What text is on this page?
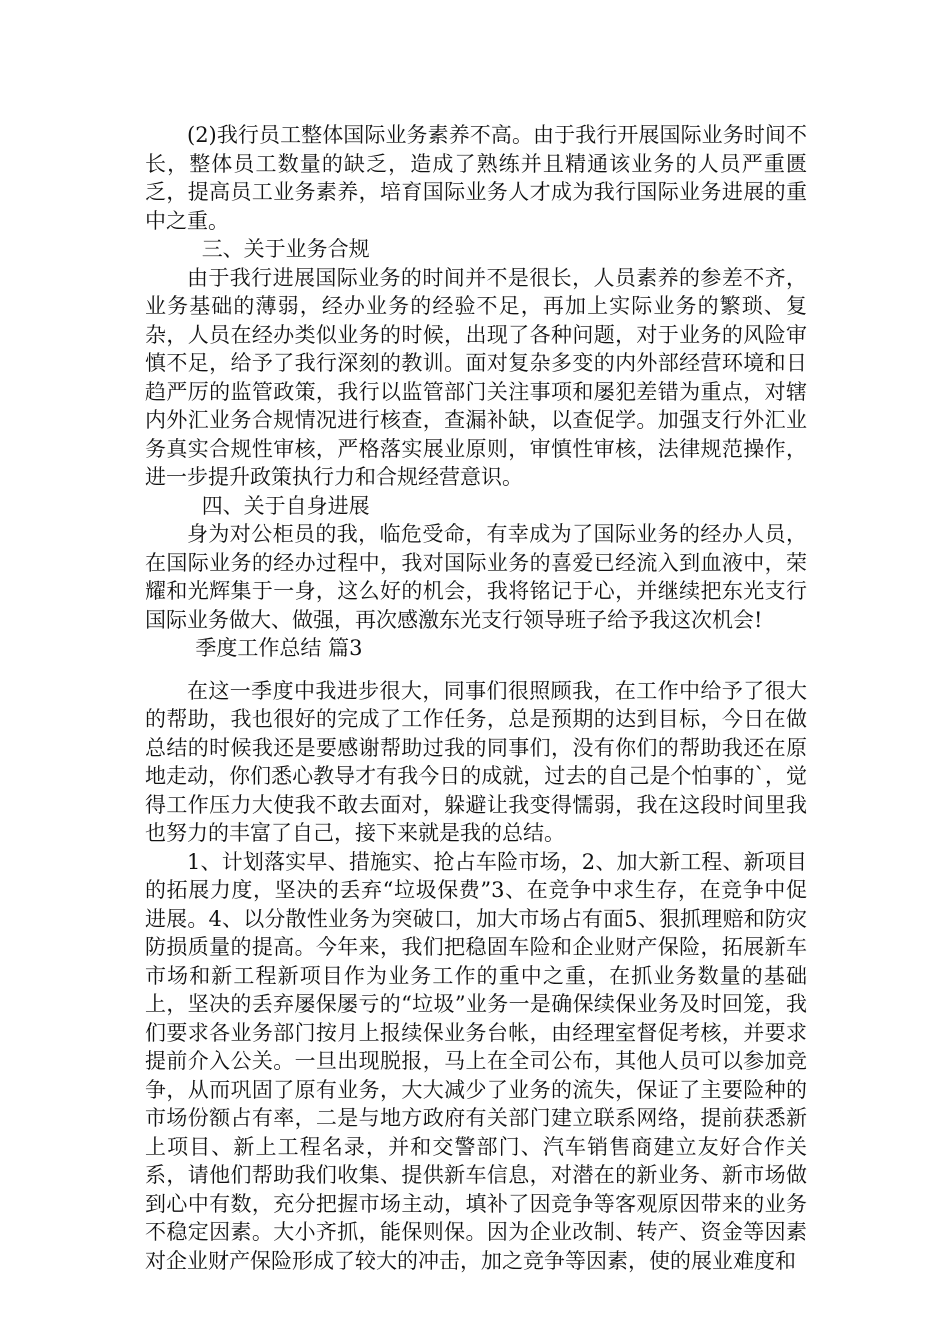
(2)我行员工整体国际业务素养不高。由于我行开展国际业务时间不长，整体员工数量的缺乏，造成了熟练并且精通该业务的人员严重匮乏，提高员工业务素养，培育国际业务人才成为我行国际业务进展的重中之重。

三、关于业务合规

由于我行进展国际业务的时间并不是很长，人员素养的参差不齐，业务基础的薄弱，经办业务的经验不足，再加上实际业务的繁琐、复杂，人员在经办类似业务的时候，出现了各种问题，对于业务的风险审慎不足，给予了我行深刻的教训。面对复杂多变的内外部经营环境和日趋严厉的监管政策，我行以监管部门关注事项和屡犯差错为重点，对辖内外汇业务合规情况进行核查，查漏补缺，以查促学。加强支行外汇业务真实合规性审核，严格落实展业原则，审慎性审核，法律规范操作，进一步提升政策执行力和合规经营意识。

四、关于自身进展

身为对公柜员的我，临危受命，有幸成为了国际业务的经办人员，在国际业务的经办过程中，我对国际业务的喜爱已经流入到血液中，荣耀和光辉集于一身，这么好的机会，我将铭记于心，并继续把东光支行国际业务做大、做强，再次感激东光支行领导班子给予我这次机会!

季度工作总结 篇3

在这一季度中我进步很大，同事们很照顾我，在工作中给予了很大的帮助，我也很好的完成了工作任务，总是预期的达到目标，今日在做总结的时候我还是要感谢帮助过我的同事们，没有你们的帮助我还在原地走动，你们悉心教导才有我今日的成就，过去的自己是个怕事的`，觉得工作压力大使我不敢去面对，躲避让我变得懦弱，我在这段时间里我也努力的丰富了自己，接下来就是我的总结。

1、计划落实早、措施实、抢占车险市场，2、加大新工程、新项目的拓展力度，坚决的丢弃“垃圾保费”3、在竞争中求生存，在竞争中促进展。4、以分散性业务为突破口，加大市场占有面5、狠抓理赔和防灾防损质量的提高。今年来，我们把稳固车险和企业财产保险，拓展新车市场和新工程新项目作为业务工作的重中之重，在抓业务数量的基础上，坚决的丢弃屡保屡亏的“垃圾”业务一是确保续保业务及时回笼，我们要求各业务部门按月上报续保业务台帐，由经理室督促考核，并要求提前介入公关。一旦出现脱报，马上在全司公布，其他人员可以参加竞争，从而巩固了原有业务，大大减少了业务的流失，保证了主要险种的市场份额占有率，二是与地方政府有关部门建立联系网络，提前获悉新上项目、新上工程名录，并和交警部门、汽车销售商建立友好合作关系，请他们帮助我们收集、提供新车信息，对潜在的新业务、新市场做到心中有数，充分把握市场主动，填补了因竞争等客观原因带来的业务不稳定因素。大小齐抓，能保则保。因为企业改制、转产、资金等因素对企业财产保险形成了较大的冲击，加之竞争等因素，使的展业难度和
